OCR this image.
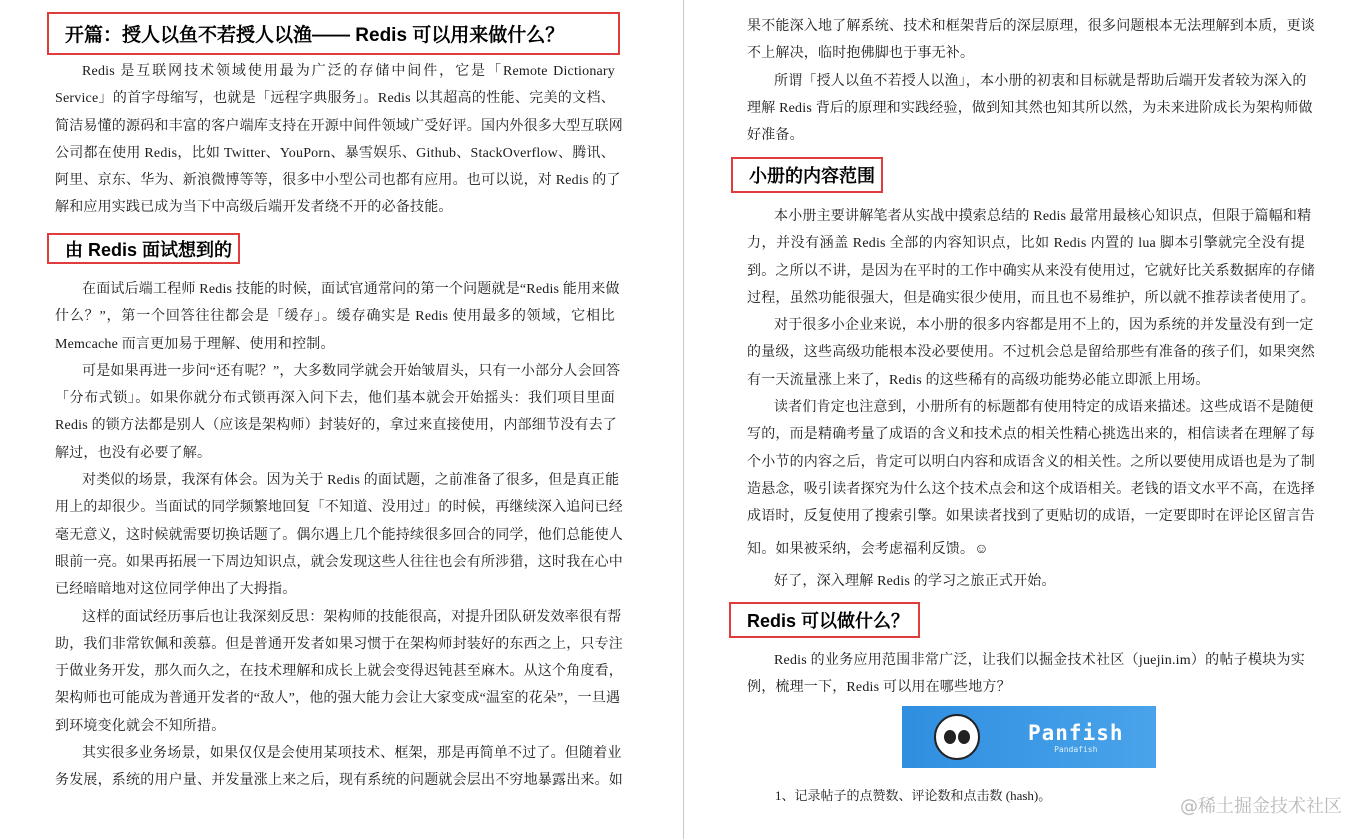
开篇：授人以鱼不若授人以渔—— Redis 可以用来做什么？
Redis 是互联网技术领域使用最为广泛的存储中间件，它是「Remote Dictionary
Service」的首字母缩写，也就是「远程字典服务」。Redis 以其超高的性能、完美的文档、
简洁易懂的源码和丰富的客户端库支持在开源中间件领域广受好评。国内外很多大型互联网
公司都在使用 Redis，比如 Twitter、YouPorn、暴雪娱乐、Github、StackOverflow、腾讯、
阿里、京东、华为、新浪微博等等，很多中小型公司也都有应用。也可以说，对 Redis 的了
解和应用实践已成为当下中高级后端开发者绕不开的必备技能。
由 Redis 面试想到的
在面试后端工程师 Redis 技能的时候，面试官通常问的第一个问题就是“Redis 能用来做
什么？”，第一个回答往往都会是「缓存」。缓存确实是 Redis 使用最多的领域，它相比
Memcache 而言更加易于理解、使用和控制。
可是如果再进一步问“还有呢？”，大多数同学就会开始皱眉头，只有一小部分人会回答
「分布式锁」。如果你就分布式锁再深入问下去，他们基本就会开始摇头：我们项目里面
Redis 的锁方法都是别人（应该是架构师）封装好的，拿过来直接使用，内部细节没有去了
解过，也没有必要了解。
对类似的场景，我深有体会。因为关于 Redis 的面试题，之前准备了很多，但是真正能
用上的却很少。当面试的同学频繁地回复「不知道、没用过」的时候，再继续深入追问已经
毫无意义，这时候就需要切换话题了。偶尔遇上几个能持续很多回合的同学，他们总能使人
眼前一亮。如果再拓展一下周边知识点，就会发现这些人往往也会有所涉猎，这时我在心中
已经暗暗地对这位同学伸出了大拇指。
这样的面试经历事后也让我深刻反思：架构师的技能很高，对提升团队研发效率很有帮
助，我们非常钦佩和羡慕。但是普通开发者如果习惯于在架构师封装好的东西之上，只专注
于做业务开发，那久而久之，在技术理解和成长上就会变得迟钝甚至麻木。从这个角度看，
架构师也可能成为普通开发者的“敌人”，他的强大能力会让大家变成“温室的花朵”，一旦遇
到环境变化就会不知所措。
其实很多业务场景，如果仅仅是会使用某项技术、框架，那是再简单不过了。但随着业
务发展，系统的用户量、并发量涨上来之后，现有系统的问题就会层出不穷地暴露出来。如
果不能深入地了解系统、技术和框架背后的深层原理，很多问题根本无法理解到本质，更谈
不上解决，临时抱佛脚也于事无补。
所谓「授人以鱼不若授人以渔」，本小册的初衷和目标就是帮助后端开发者较为深入的
理解 Redis 背后的原理和实践经验，做到知其然也知其所以然，为未来进阶成长为架构师做
好准备。
小册的内容范围
本小册主要讲解笔者从实战中摸索总结的 Redis 最常用最核心知识点，但限于篇幅和精
力，并没有涵盖 Redis 全部的内容知识点，比如 Redis 内置的 lua 脚本引擎就完全没有提
到。之所以不讲，是因为在平时的工作中确实从来没有使用过，它就好比关系数据库的存储
过程，虽然功能很强大，但是确实很少使用，而且也不易维护，所以就不推荐读者使用了。
对于很多小企业来说，本小册的很多内容都是用不上的，因为系统的并发量没有到一定
的量级，这些高级功能根本没必要使用。不过机会总是留给那些有准备的孩子们，如果突然
有一天流量涨上来了，Redis 的这些稀有的高级功能势必能立即派上用场。
读者们肯定也注意到，小册所有的标题都有使用特定的成语来描述。这些成语不是随便
写的，而是精确考量了成语的含义和技术点的相关性精心挑选出来的，相信读者在理解了每
个小节的内容之后，肯定可以明白内容和成语含义的相关性。之所以要使用成语也是为了制
造悬念，吸引读者探究为什么这个技术点会和这个成语相关。老钱的语文水平不高，在选择
成语时，反复使用了搜索引擎。如果读者找到了更贴切的成语，一定要即时在评论区留言告
知。如果被采纳，会考虑福利反馈。☺
好了，深入理解 Redis 的学习之旅正式开始。
Redis 可以做什么？
Redis 的业务应用范围非常广泛，让我们以掘金技术社区（juejin.im）的帖子模块为实
例，梳理一下，Redis 可以用在哪些地方？
Panfish
Pandafish
1、记录帖子的点赞数、评论数和点击数 (hash)。
@稀土掘金技术社区
